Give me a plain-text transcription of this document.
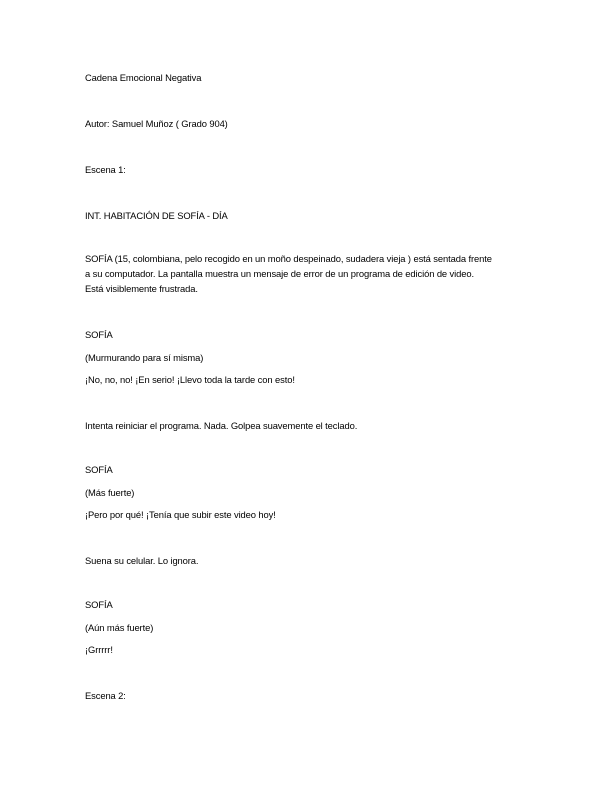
Cadena Emocional Negativa
Autor: Samuel Muñoz ( Grado 904)
Escena 1:
INT. HABITACIÓN DE SOFÍA - DÍA
SOFÍA (15, colombiana, pelo recogido en un moño despeinado, sudadera vieja ) está sentada frente
a su computador. La pantalla muestra un mensaje de error de un programa de edición de video.
Está visiblemente frustrada.
SOFÍA
(Murmurando para sí misma)
¡No, no, no! ¡En serio! ¡Llevo toda la tarde con esto!
Intenta reiniciar el programa. Nada. Golpea suavemente el teclado.
SOFÍA
(Más fuerte)
¡Pero por qué! ¡Tenía que subir este video hoy!
Suena su celular. Lo ignora.
SOFÍA
(Aún más fuerte)
¡Grrrrr!
Escena 2:
